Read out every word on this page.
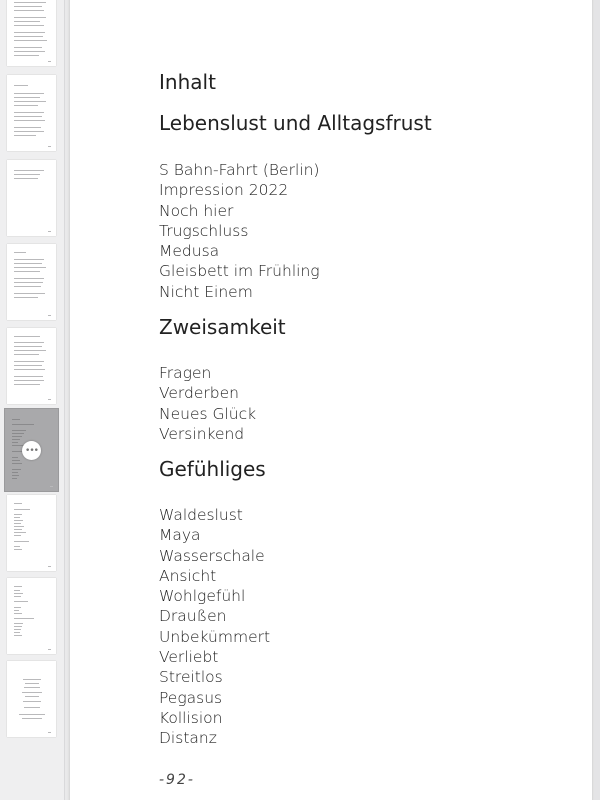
•••
Inhalt
Lebenslust und Alltagsfrust
S Bahn-Fahrt (Berlin)
Impression 2022
Noch hier
Trugschluss
Medusa
Gleisbett im Frühling
Nicht Einem
Zweisamkeit
Fragen
Verderben
Neues Glück
Versinkend
Gefühliges
Waldeslust
Maya
Wasserschale
Ansicht
Wohlgefühl
Draußen
Unbekümmert
Verliebt
Streitlos
Pegasus
Kollision
Distanz
-92-
